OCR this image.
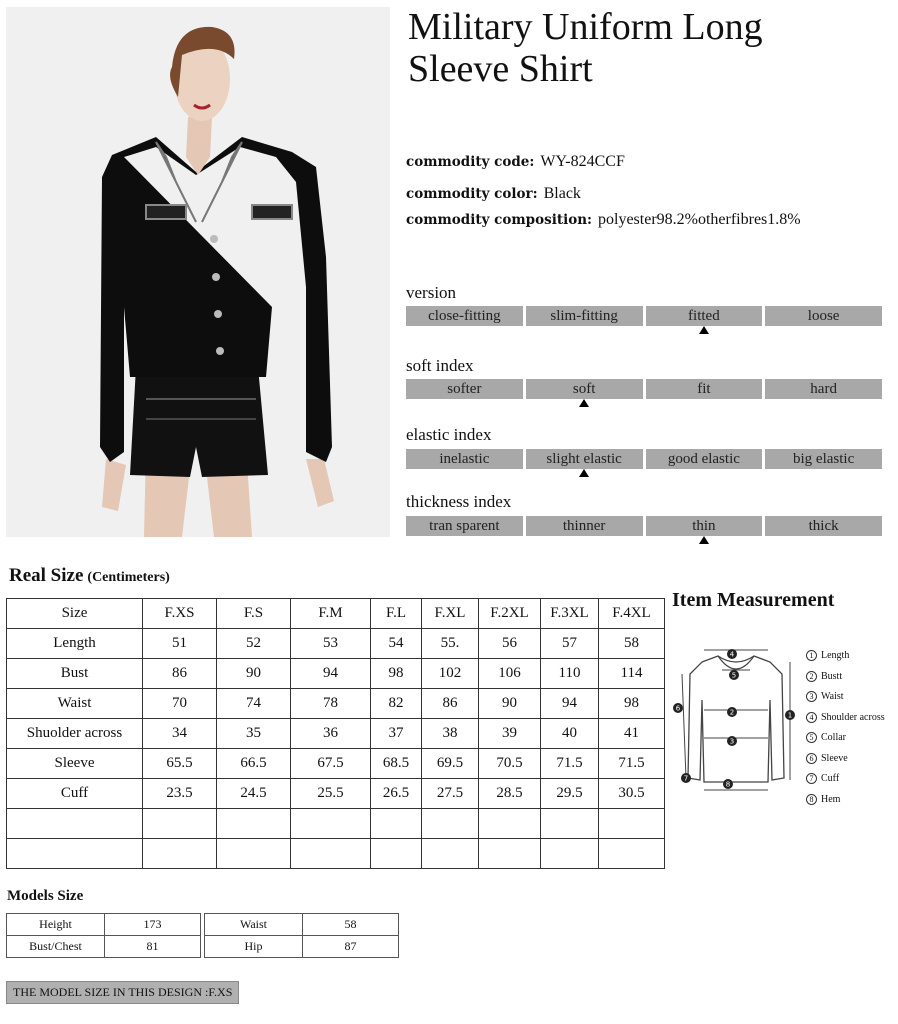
Military Uniform Long
Sleeve Shirt
commodity code: WY-824CCF
commodity color: Black
commodity composition: polyester98.2%otherfibres1.8%
version
close-fitting	slim-fitting	fitted	loose
soft index
softer	soft	fit	hard
elastic index
inelastic	slight elastic	good elastic	big elastic
thickness index
tran sparent	thinner	thin	thick
Real Size (Centimeters)
Size	F.XS	F.S	F.M	F.L	F.XL	F.2XL	F.3XL	F.4XL
Length	51	52	53	54	55.	56	57	58
Bust	86	90	94	98	102	106	110	114
Waist	70	74	78	82	86	90	94	98
Shuolder across	34	35	36	37	38	39	40	41
Sleeve	65.5	66.5	67.5	68.5	69.5	70.5	71.5	71.5
Cuff	23.5	24.5	25.5	26.5	27.5	28.5	29.5	30.5

Item Measurement
4
5
2
3
1
6
7
8
1 Length
2 Bustt
3 Waist
4 Shoulder across
5 Collar
6 Sleeve
7 Cuff
8 Hem
Models Size
Height	173
Bust/Chest	81
Waist	58
Hip	87
THE MODEL SIZE IN THIS DESIGN :F.XS
